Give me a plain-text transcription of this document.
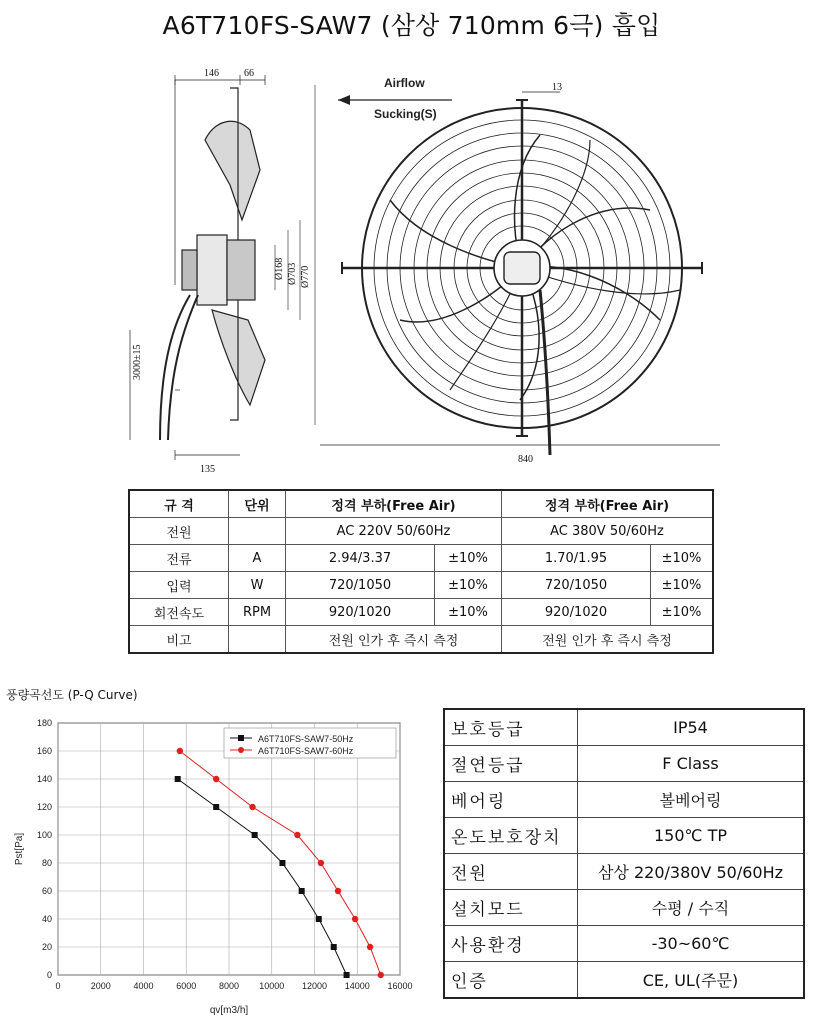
A6T710FS-SAW7 (삼상 710mm 6극) 흡입
146	66
3000±15
135
Ø168 Ø703 Ø770
Airflow
Sucking(S)
13
840
규 격	단위	정격 부하(Free Air)		정격 부하(Free Air)	
전원		AC 220V 50/60Hz		AC 380V 50/60Hz	
전류	A	2.94/3.37	±10%	1.70/1.95	±10%
입력	W	720/1050	±10%	720/1050	±10%
회전속도	RPM	920/1020	±10%	920/1020	±10%
비고		전원 인가 후 즉시 측정		전원 인가 후 즉시 측정	
풍량곡선도 (P-Q Curve)
0	2000	4000	6000	8000 10000 12000 14000 16000
0
20
40
60
80
100
120
140
160
180
A6T710FS-SAW7-50Hz
A6T710FS-SAW7-60Hz
qv[m3/h]
Pst[Pa]
보호등급	IP54
절연등급	F Class
베어링	볼베어링
온도보호장치	150℃ TP
전원	삼상 220/380V 50/60Hz
설치모드	수평 / 수직
사용환경	-30~60℃
인증	CE, UL(주문)
